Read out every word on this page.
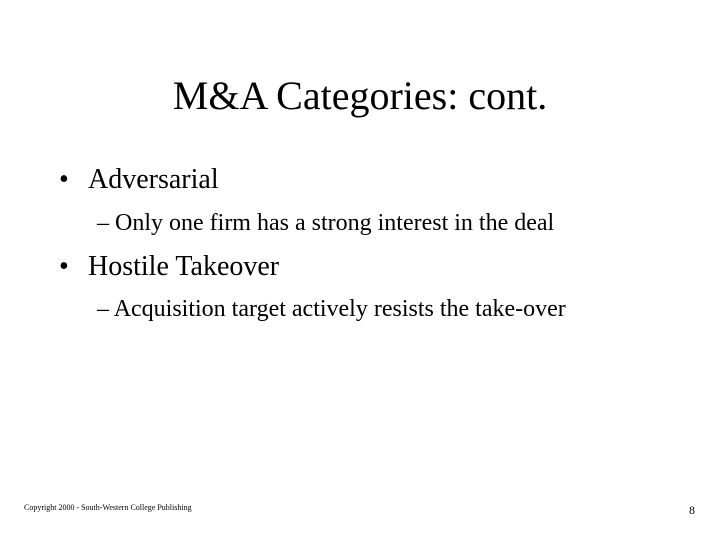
M&A Categories: cont.
• Adversarial
– Only one firm has a strong interest in the deal
• Hostile Takeover
– Acquisition target actively resists the take-over
Copyright 2000 - South-Western College Publishing	8
